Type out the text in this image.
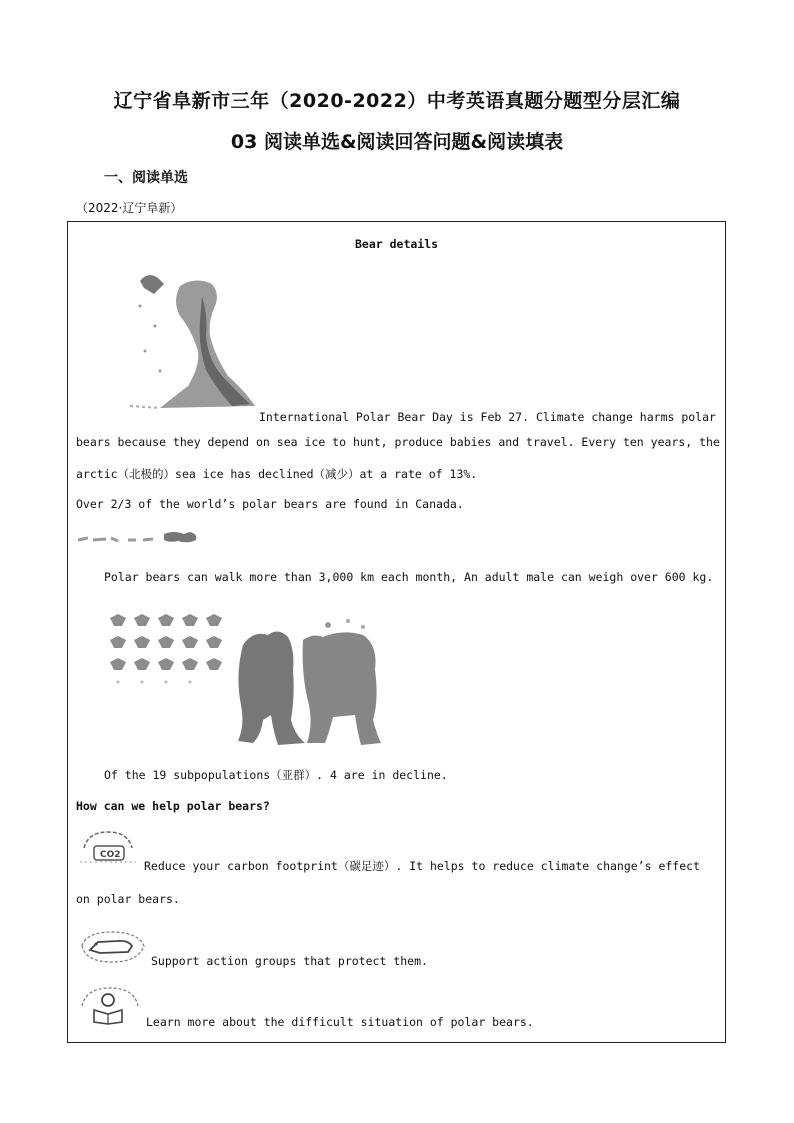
辽宁省阜新市三年（2020-2022）中考英语真题分题型分层汇编
03 阅读单选&阅读回答问题&阅读填表
一、阅读单选
（2022·辽宁阜新）
Bear details
International Polar Bear Day is Feb 27. Climate change harms polar
bears because they depend on sea ice to hunt, produce babies and travel. Every ten years, the
arctic（北极的）sea ice has declined（减少）at a rate of 13%.
Over 2/3 of the world’s polar bears are found in Canada.
Polar bears can walk more than 3,000 km each month, An adult male can weigh over 600 kg.
Of the 19 subpopulations（亚群）. 4 are in decline.
How can we help polar bears?
CO2
Reduce your carbon footprint（碳足迹）. It helps to reduce climate change’s effect
on polar bears.
Support action groups that protect them.
Learn more about the difficult situation of polar bears.
